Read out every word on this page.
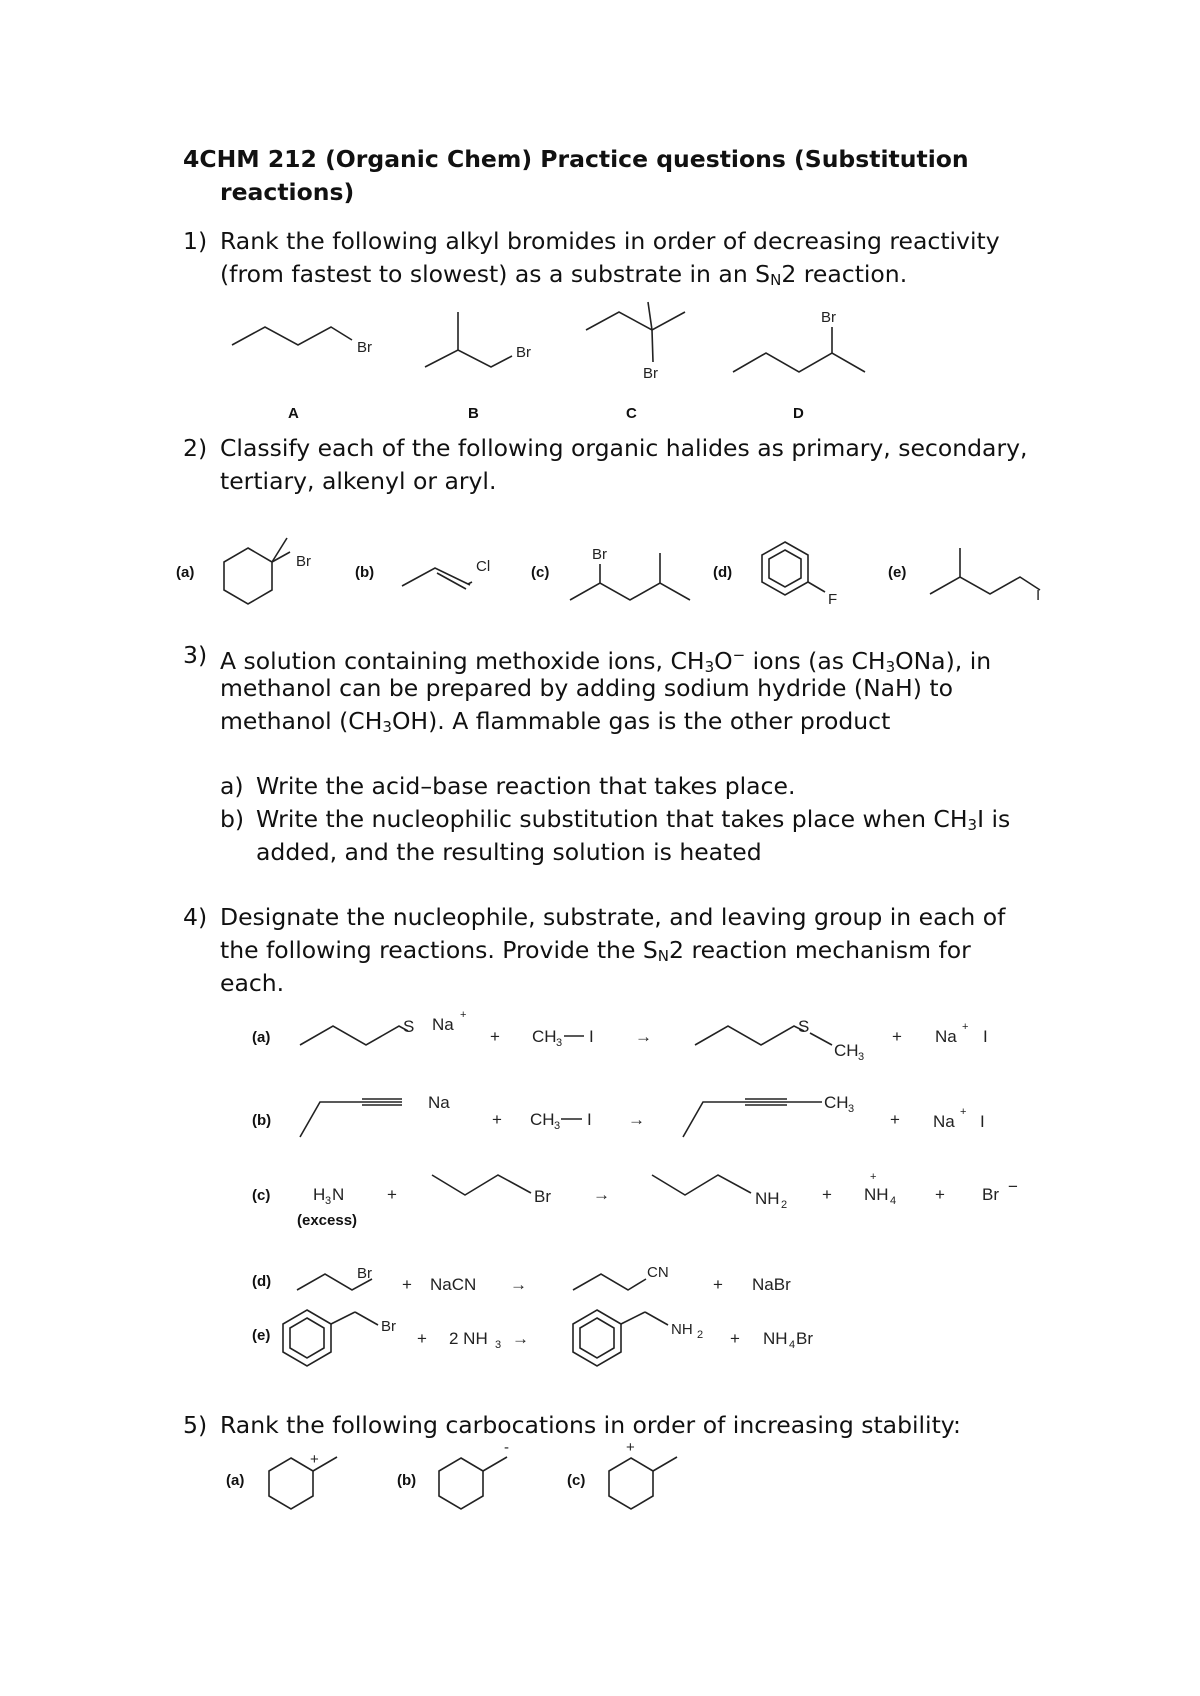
4CHM 212 (Organic Chem) Practice questions (Substitution
reactions)
1) Rank the following alkyl bromides in order of decreasing reactivity
(from fastest to slowest) as a substrate in an $S_N2$ reaction.
2) Classify each of the following organic halides as primary, secondary,
tertiary, alkenyl or aryl.
3) A solution containing methoxide ions, $CH_3O^-$ ions (as $CH_3ONa$), in
methanol can be prepared by adding sodium hydride (NaH) to
methanol $(CH_3OH)$. A flammable gas is the other product
a) Write the acid–base reaction that takes place.
b) Write the nucleophilic substitution that takes place when $CH_3I$ is
added, and the resulting solution is heated
4) Designate the nucleophile, substrate, and leaving group in each of
the following reactions. Provide the $S_N2$ reaction mechanism for
each.
5) Rank the following carbocations in order of increasing stability:
Br
A
Br
B
Br
C
Br
D
(a)
Br
(b)	Cl	(c)
Br
(d)
F
(e)
I
(a)
S Na +
+ CH 3 I →
S
CH 3
+ Na + I
(b)
Na
+ CH 3 I →
CH 3
+ Na + I
(c)	H 3 N
(excess)
+	Br →	NH 2
+
+
NH 4 + Br −
(d)	Br
+ NaCN →
CN
+ NaBr
(e)
Br
+ 2 NH 3 →	NH 2 + NH 4 Br
(a)
+
(b)
-
(c)
+
